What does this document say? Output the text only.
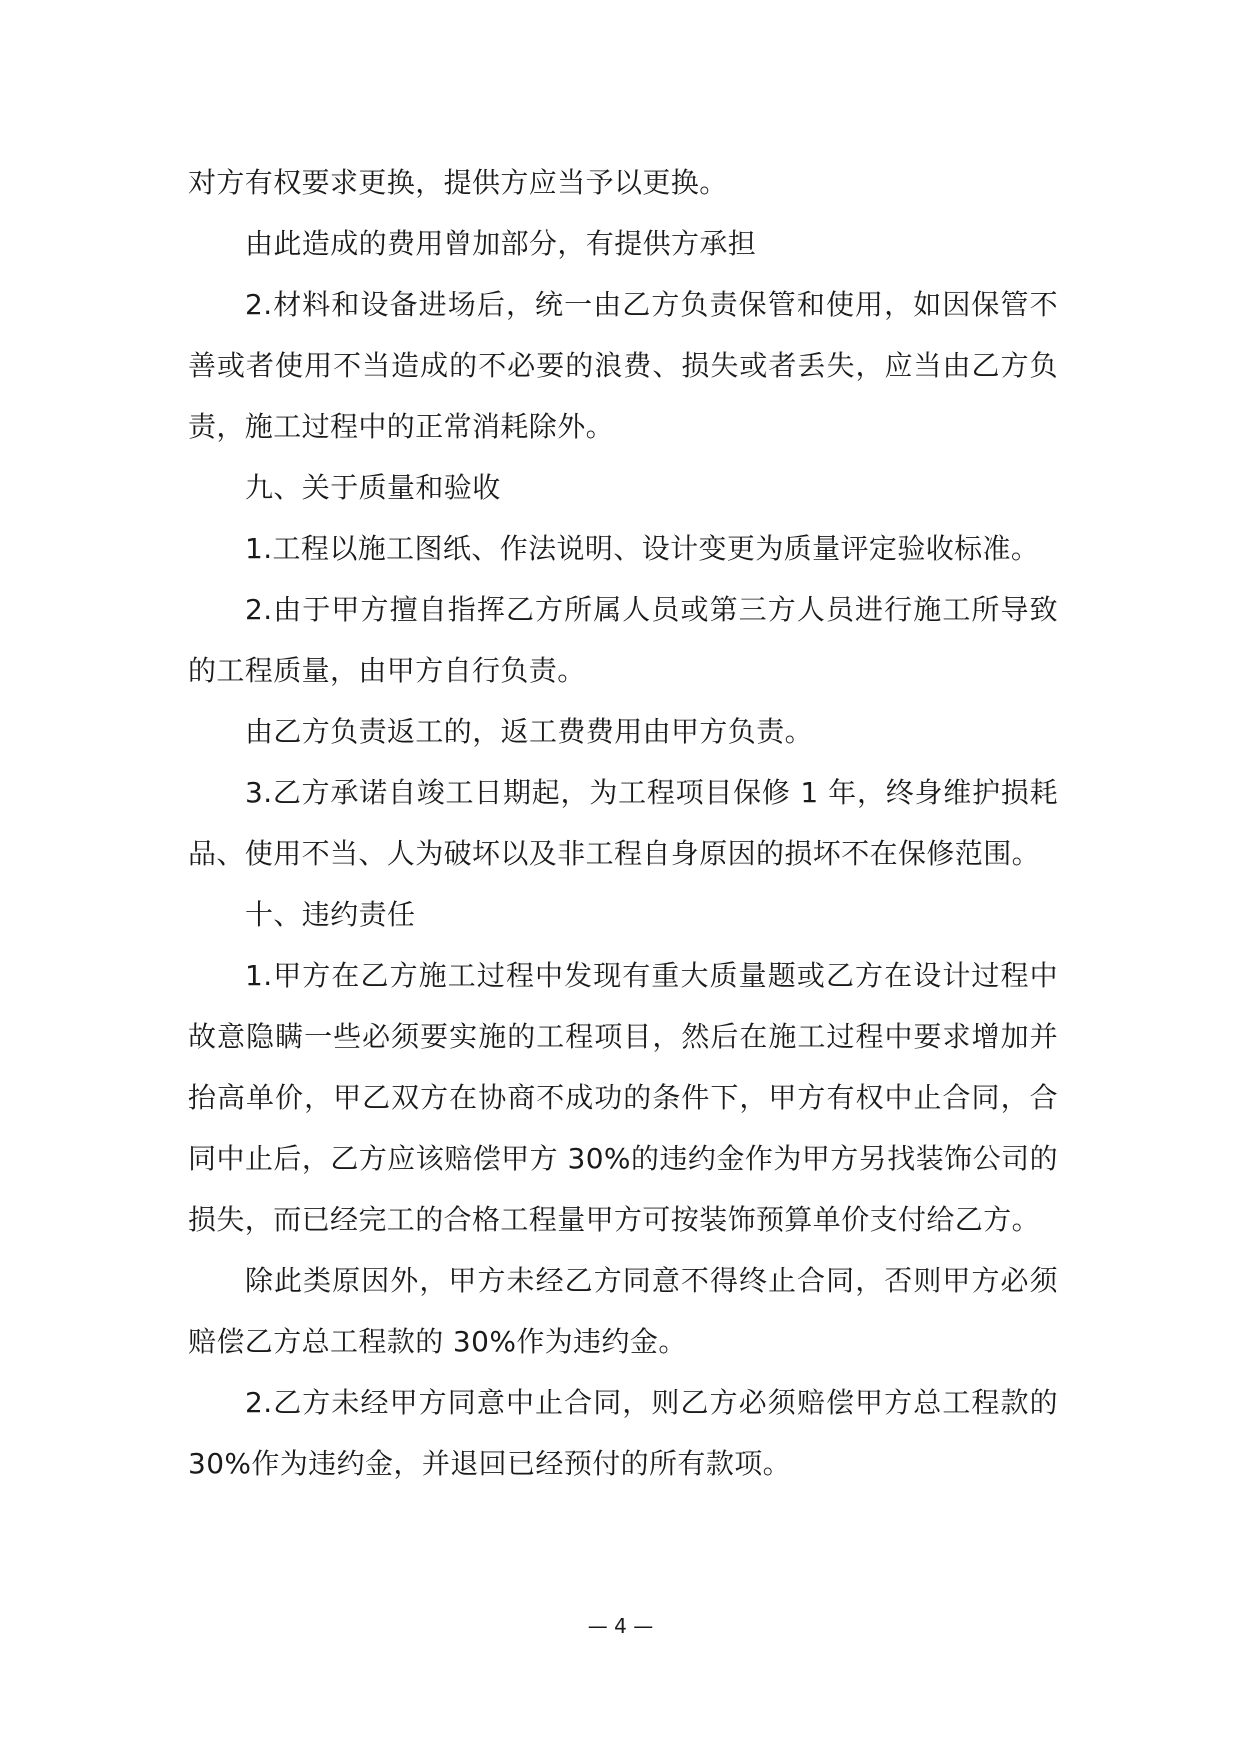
对方有权要求更换，提供方应当予以更换。

由此造成的费用曾加部分，有提供方承担

2.材料和设备进场后，统一由乙方负责保管和使用，如因保管不善或者使用不当造成的不必要的浪费、损失或者丢失，应当由乙方负责，施工过程中的正常消耗除外。

九、关于质量和验收

1.工程以施工图纸、作法说明、设计变更为质量评定验收标准。

2.由于甲方擅自指挥乙方所属人员或第三方人员进行施工所导致的工程质量，由甲方自行负责。

由乙方负责返工的，返工费费用由甲方负责。

3.乙方承诺自竣工日期起，为工程项目保修 1 年，终身维护损耗品、使用不当、人为破坏以及非工程自身原因的损坏不在保修范围。

十、违约责任

1.甲方在乙方施工过程中发现有重大质量题或乙方在设计过程中故意隐瞒一些必须要实施的工程项目，然后在施工过程中要求增加并抬高单价，甲乙双方在协商不成功的条件下，甲方有权中止合同，合同中止后，乙方应该赔偿甲方 30%的违约金作为甲方另找装饰公司的损失，而已经完工的合格工程量甲方可按装饰预算单价支付给乙方。

除此类原因外，甲方未经乙方同意不得终止合同，否则甲方必须赔偿乙方总工程款的 30%作为违约金。

2.乙方未经甲方同意中止合同，则乙方必须赔偿甲方总工程款的 30%作为违约金，并退回已经预付的所有款项。

— 4 —
